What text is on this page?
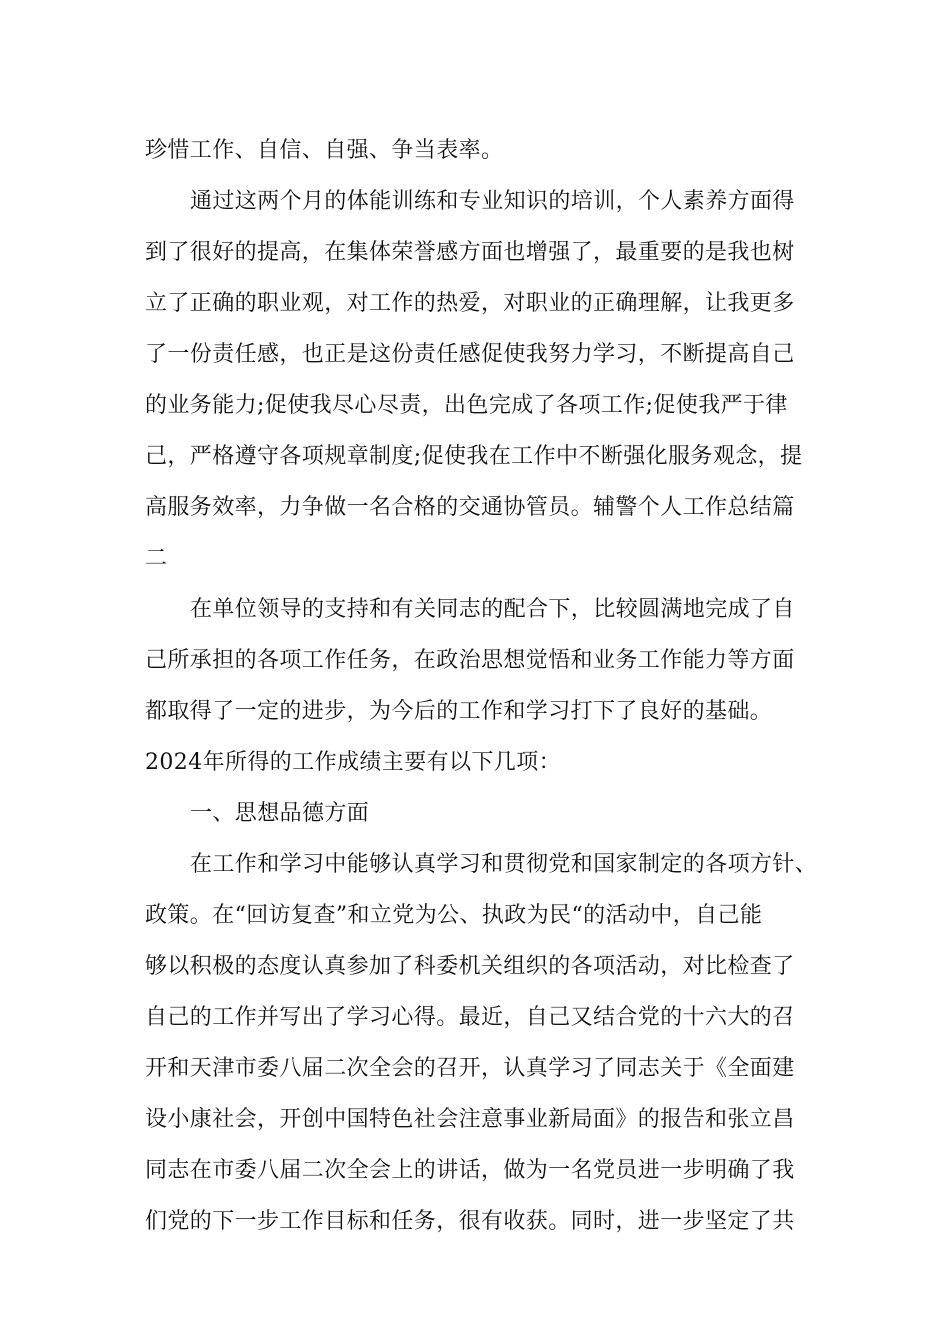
珍惜工作、自信、自强、争当表率。
通过这两个月的体能训练和专业知识的培训，个人素养方面得
到了很好的提高，在集体荣誉感方面也增强了，最重要的是我也树
立了正确的职业观，对工作的热爱，对职业的正确理解，让我更多
了一份责任感，也正是这份责任感促使我努力学习，不断提高自己
的业务能力;促使我尽心尽责，出色完成了各项工作;促使我严于律
己，严格遵守各项规章制度;促使我在工作中不断强化服务观念，提
高服务效率，力争做一名合格的交通协管员。辅警个人工作总结篇
二
在单位领导的支持和有关同志的配合下，比较圆满地完成了自
己所承担的各项工作任务，在政治思想觉悟和业务工作能力等方面
都取得了一定的进步，为今后的工作和学习打下了良好的基础。
2024年所得的工作成绩主要有以下几项：
一、思想品德方面
在工作和学习中能够认真学习和贯彻党和国家制定的各项方针、
政策。在“回访复查”和立党为公、执政为民“的活动中，自己能
够以积极的态度认真参加了科委机关组织的各项活动，对比检查了
自己的工作并写出了学习心得。最近，自己又结合党的十六大的召
开和天津市委八届二次全会的召开，认真学习了同志关于《全面建
设小康社会，开创中国特色社会注意事业新局面》的报告和张立昌
同志在市委八届二次全会上的讲话，做为一名党员进一步明确了我
们党的下一步工作目标和任务，很有收获。同时，进一步坚定了共
